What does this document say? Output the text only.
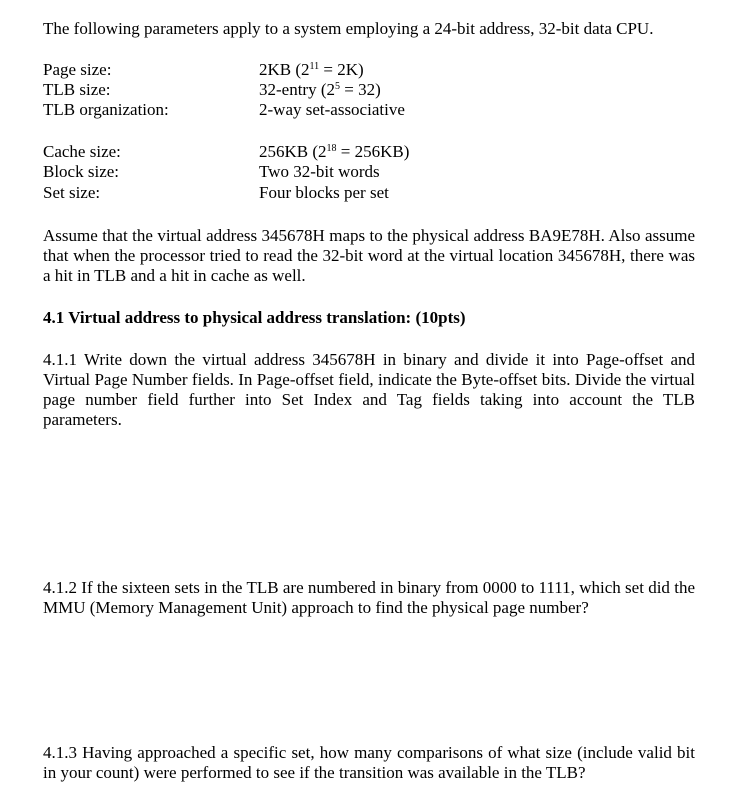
The following parameters apply to a system employing a 24-bit address, 32-bit data CPU.
Page size:	2KB $(2^{11} = 2K)$
TLB size:	32-entry $(2^5 = 32)$
TLB organization:	2-way set-associative
Cache size:	256KB $(2^{18} = 256KB)$
Block size:	Two 32-bit words
Set size:	Four blocks per set
Assume that the virtual address 345678H maps to the physical address BA9E78H. Also assume that when the processor tried to read the 32-bit word at the virtual location 345678H, there was a hit in TLB and a hit in cache as well.
4.1 Virtual address to physical address translation: (10pts)
4.1.1 Write down the virtual address 345678H in binary and divide it into Page-offset and Virtual Page Number fields. In Page-offset field, indicate the Byte-offset bits. Divide the virtual page number field further into Set Index and Tag fields taking into account the TLB parameters.
4.1.2 If the sixteen sets in the TLB are numbered in binary from 0000 to 1111, which set did the MMU (Memory Management Unit) approach to find the physical page number?
4.1.3 Having approached a specific set, how many comparisons of what size (include valid bit in your count) were performed to see if the transition was available in the TLB?
